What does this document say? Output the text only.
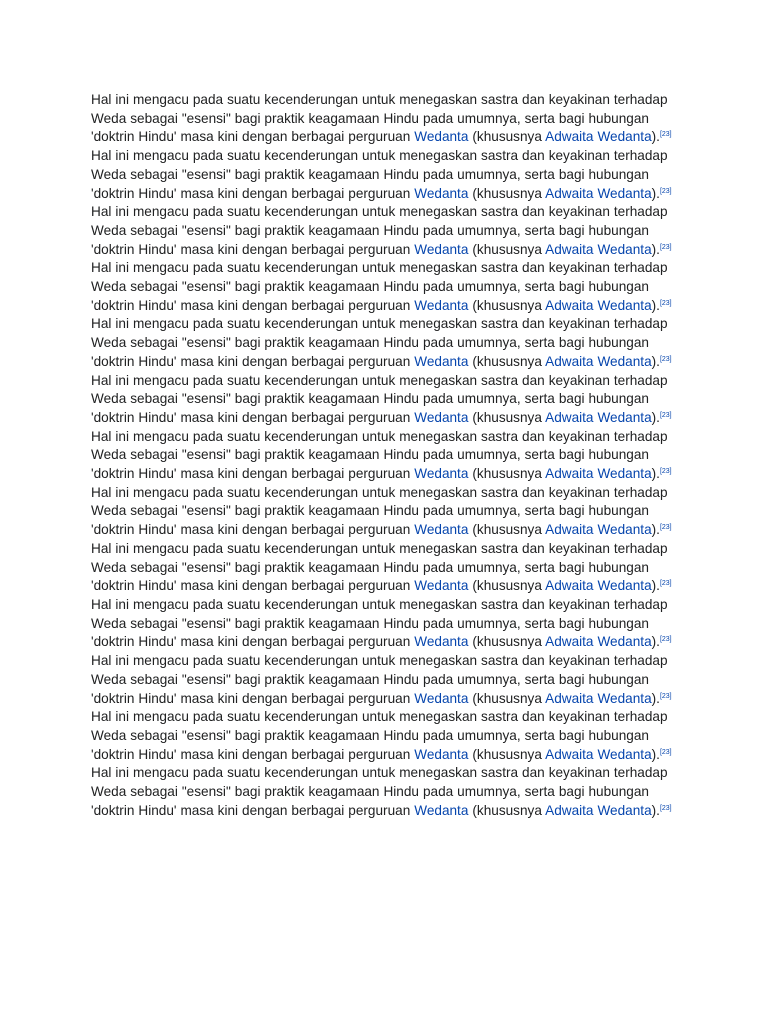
Hal ini mengacu pada suatu kecenderungan untuk menegaskan sastra dan keyakinan terhadap Weda sebagai "esensi" bagi praktik keagamaan Hindu pada umumnya, serta bagi hubungan 'doktrin Hindu' masa kini dengan berbagai perguruan Wedanta (khususnya Adwaita Wedanta).[23] Hal ini mengacu pada suatu kecenderungan untuk menegaskan sastra dan keyakinan terhadap Weda sebagai "esensi" bagi praktik keagamaan Hindu pada umumnya, serta bagi hubungan 'doktrin Hindu' masa kini dengan berbagai perguruan Wedanta (khususnya Adwaita Wedanta).[23] Hal ini mengacu pada suatu kecenderungan untuk menegaskan sastra dan keyakinan terhadap Weda sebagai "esensi" bagi praktik keagamaan Hindu pada umumnya, serta bagi hubungan 'doktrin Hindu' masa kini dengan berbagai perguruan Wedanta (khususnya Adwaita Wedanta).[23] Hal ini mengacu pada suatu kecenderungan untuk menegaskan sastra dan keyakinan terhadap Weda sebagai "esensi" bagi praktik keagamaan Hindu pada umumnya, serta bagi hubungan 'doktrin Hindu' masa kini dengan berbagai perguruan Wedanta (khususnya Adwaita Wedanta).[23] Hal ini mengacu pada suatu kecenderungan untuk menegaskan sastra dan keyakinan terhadap Weda sebagai "esensi" bagi praktik keagamaan Hindu pada umumnya, serta bagi hubungan 'doktrin Hindu' masa kini dengan berbagai perguruan Wedanta (khususnya Adwaita Wedanta).[23] Hal ini mengacu pada suatu kecenderungan untuk menegaskan sastra dan keyakinan terhadap Weda sebagai "esensi" bagi praktik keagamaan Hindu pada umumnya, serta bagi hubungan 'doktrin Hindu' masa kini dengan berbagai perguruan Wedanta (khususnya Adwaita Wedanta).[23] Hal ini mengacu pada suatu kecenderungan untuk menegaskan sastra dan keyakinan terhadap Weda sebagai "esensi" bagi praktik keagamaan Hindu pada umumnya, serta bagi hubungan 'doktrin Hindu' masa kini dengan berbagai perguruan Wedanta (khususnya Adwaita Wedanta).[23] Hal ini mengacu pada suatu kecenderungan untuk menegaskan sastra dan keyakinan terhadap Weda sebagai "esensi" bagi praktik keagamaan Hindu pada umumnya, serta bagi hubungan 'doktrin Hindu' masa kini dengan berbagai perguruan Wedanta (khususnya Adwaita Wedanta).[23] Hal ini mengacu pada suatu kecenderungan untuk menegaskan sastra dan keyakinan terhadap Weda sebagai "esensi" bagi praktik keagamaan Hindu pada umumnya, serta bagi hubungan 'doktrin Hindu' masa kini dengan berbagai perguruan Wedanta (khususnya Adwaita Wedanta).[23] Hal ini mengacu pada suatu kecenderungan untuk menegaskan sastra dan keyakinan terhadap Weda sebagai "esensi" bagi praktik keagamaan Hindu pada umumnya, serta bagi hubungan 'doktrin Hindu' masa kini dengan berbagai perguruan Wedanta (khususnya Adwaita Wedanta).[23] Hal ini mengacu pada suatu kecenderungan untuk menegaskan sastra dan keyakinan terhadap Weda sebagai "esensi" bagi praktik keagamaan Hindu pada umumnya, serta bagi hubungan 'doktrin Hindu' masa kini dengan berbagai perguruan Wedanta (khususnya Adwaita Wedanta).[23] Hal ini mengacu pada suatu kecenderungan untuk menegaskan sastra dan keyakinan terhadap Weda sebagai "esensi" bagi praktik keagamaan Hindu pada umumnya, serta bagi hubungan 'doktrin Hindu' masa kini dengan berbagai perguruan Wedanta (khususnya Adwaita Wedanta).[23] Hal ini mengacu pada suatu kecenderungan untuk menegaskan sastra dan keyakinan terhadap Weda sebagai "esensi" bagi praktik keagamaan Hindu pada umumnya, serta bagi hubungan 'doktrin Hindu' masa kini dengan berbagai perguruan Wedanta (khususnya Adwaita Wedanta).[23]
